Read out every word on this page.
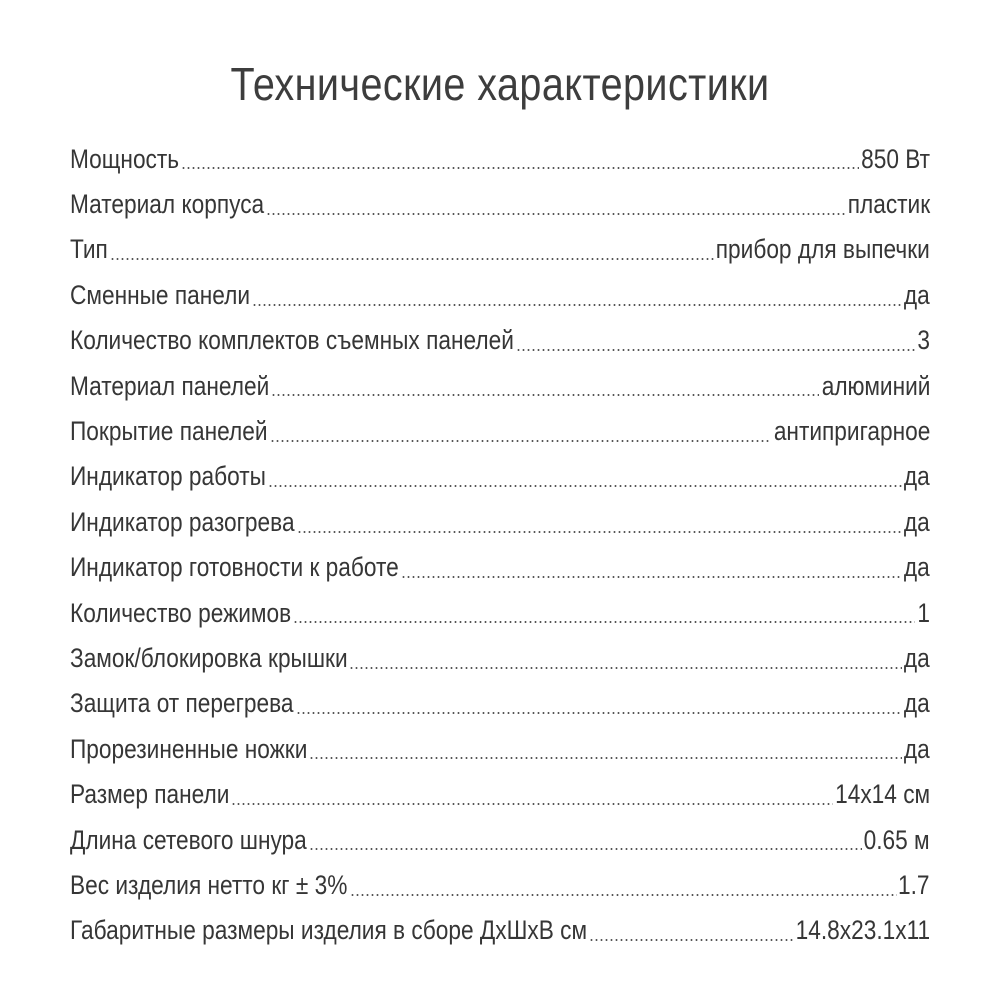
Технические характеристики
Мощность	850 Вт
Материал корпуса	пластик
Тип	прибор для выпечки
Сменные панели	да
Количество комплектов съемных панелей	3
Материал панелей	алюминий
Покрытие панелей	антипригарное
Индикатор работы	да
Индикатор разогрева	да
Индикатор готовности к работе	да
Количество режимов	1
Замок/блокировка крышки	да
Защита от перегрева	да
Прорезиненные ножки	да
Размер панели	14x14 см
Длина сетевого шнура	0.65 м
Вес изделия нетто кг ± 3%	1.7
Габаритные размеры изделия в сборе ДxШxВ см	14.8x23.1x11
